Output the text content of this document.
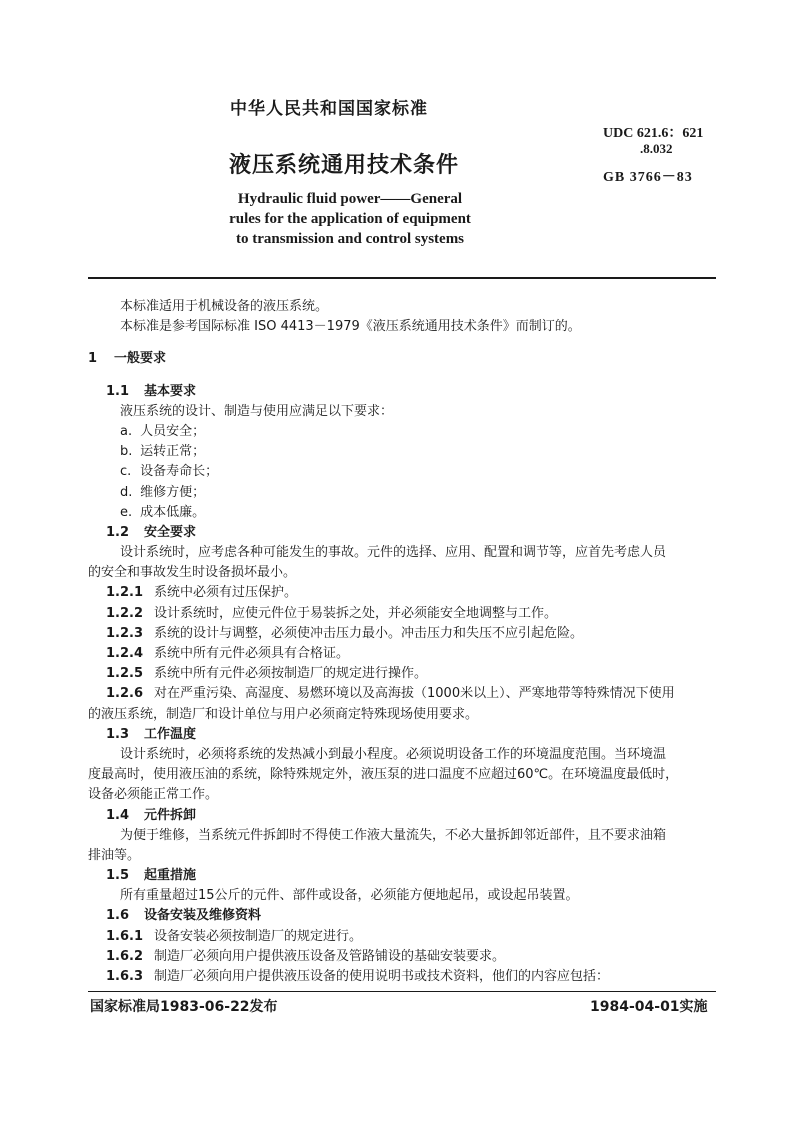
中华人民共和国国家标准
UDC 621.6：621
.8.032
GB 3766－83
液压系统通用技术条件
Hydraulic fluid power——General
rules for the application of equipment
to transmission and control systems
本标准适用于机械设备的液压系统。
本标准是参考国际标准 ISO 4413－1979《液压系统通用技术条件》而制订的。
1 一般要求
1.1 基本要求
液压系统的设计、制造与使用应满足以下要求：
a. 人员安全；
b. 运转正常；
c. 设备寿命长；
d. 维修方便；
e. 成本低廉。
1.2 安全要求
设计系统时，应考虑各种可能发生的事故。元件的选择、应用、配置和调节等，应首先考虑人员
的安全和事故发生时设备损坏最小。
1.2.1 系统中必须有过压保护。
1.2.2 设计系统时，应使元件位于易装拆之处，并必须能安全地调整与工作。
1.2.3 系统的设计与调整，必须使冲击压力最小。冲击压力和失压不应引起危险。
1.2.4 系统中所有元件必须具有合格证。
1.2.5 系统中所有元件必须按制造厂的规定进行操作。
1.2.6 对在严重污染、高湿度、易燃环境以及高海拔（1000米以上）、严寒地带等特殊情况下使用
的液压系统，制造厂和设计单位与用户必须商定特殊现场使用要求。
1.3 工作温度
设计系统时，必须将系统的发热减小到最小程度。必须说明设备工作的环境温度范围。当环境温
度最高时，使用液压油的系统，除特殊规定外，液压泵的进口温度不应超过60℃。在环境温度最低时，
设备必须能正常工作。
1.4 元件拆卸
为便于维修，当系统元件拆卸时不得使工作液大量流失，不必大量拆卸邻近部件，且不要求油箱
排油等。
1.5 起重措施
所有重量超过15公斤的元件、部件或设备，必须能方便地起吊，或设起吊装置。
1.6 设备安装及维修资料
1.6.1 设备安装必须按制造厂的规定进行。
1.6.2 制造厂必须向用户提供液压设备及管路铺设的基础安装要求。
1.6.3 制造厂必须向用户提供液压设备的使用说明书或技术资料，他们的内容应包括：
国家标准局1983-06-22发布	1984-04-01实施
